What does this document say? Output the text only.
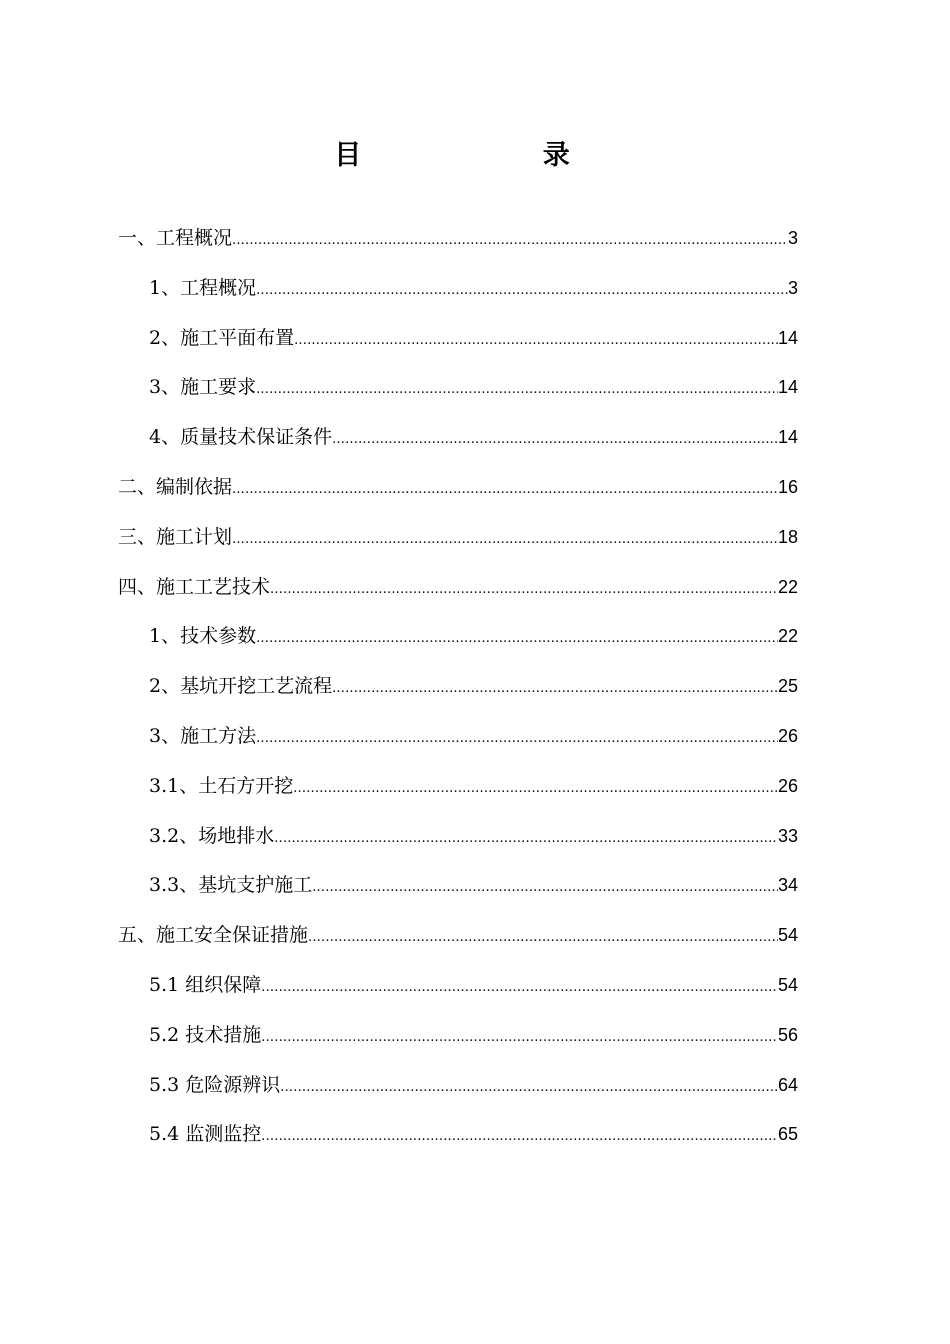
目 录
一、工程概况 .....	3
1、工程概况 .....	3
2、施工平面布置 .....	14
3、施工要求 .....	14
4、质量技术保证条件 .....	14
二、编制依据 .....	16
三、施工计划 .....	18
四、施工工艺技术 .....	22
1、技术参数 .....	22
2、基坑开挖工艺流程 .....	25
3、施工方法 .....	26
3.1、土石方开挖 .....	26
3.2、场地排水 .....	33
3.3、基坑支护施工 .....	34
五、施工安全保证措施 .....	54
5.1 组织保障 .....	54
5.2 技术措施 .....	56
5.3 危险源辨识 .....	64
5.4 监测监控 .....	65
